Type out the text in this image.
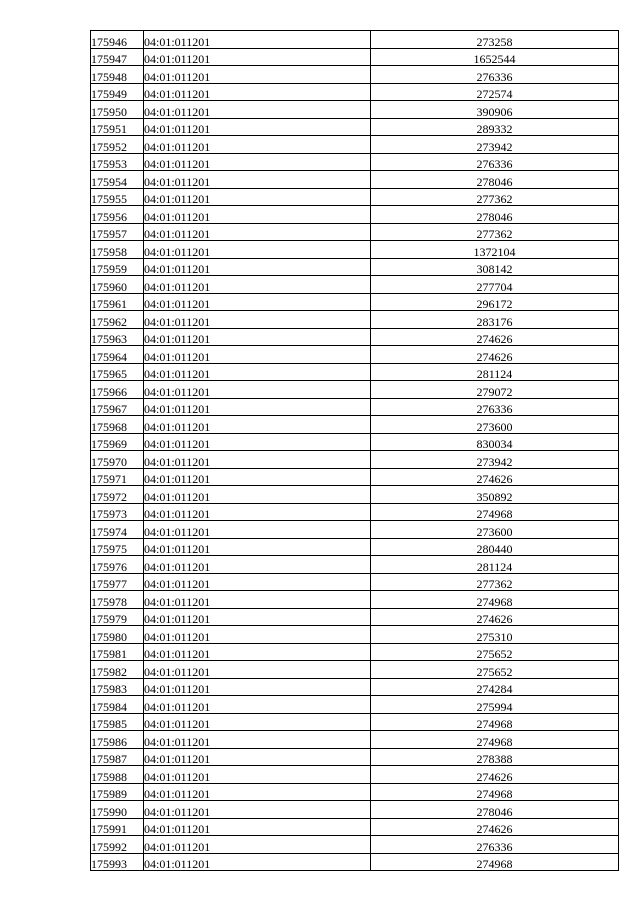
175946	04:01:011201	273258
175947	04:01:011201	1652544
175948	04:01:011201	276336
175949	04:01:011201	272574
175950	04:01:011201	390906
175951	04:01:011201	289332
175952	04:01:011201	273942
175953	04:01:011201	276336
175954	04:01:011201	278046
175955	04:01:011201	277362
175956	04:01:011201	278046
175957	04:01:011201	277362
175958	04:01:011201	1372104
175959	04:01:011201	308142
175960	04:01:011201	277704
175961	04:01:011201	296172
175962	04:01:011201	283176
175963	04:01:011201	274626
175964	04:01:011201	274626
175965	04:01:011201	281124
175966	04:01:011201	279072
175967	04:01:011201	276336
175968	04:01:011201	273600
175969	04:01:011201	830034
175970	04:01:011201	273942
175971	04:01:011201	274626
175972	04:01:011201	350892
175973	04:01:011201	274968
175974	04:01:011201	273600
175975	04:01:011201	280440
175976	04:01:011201	281124
175977	04:01:011201	277362
175978	04:01:011201	274968
175979	04:01:011201	274626
175980	04:01:011201	275310
175981	04:01:011201	275652
175982	04:01:011201	275652
175983	04:01:011201	274284
175984	04:01:011201	275994
175985	04:01:011201	274968
175986	04:01:011201	274968
175987	04:01:011201	278388
175988	04:01:011201	274626
175989	04:01:011201	274968
175990	04:01:011201	278046
175991	04:01:011201	274626
175992	04:01:011201	276336
175993	04:01:011201	274968
